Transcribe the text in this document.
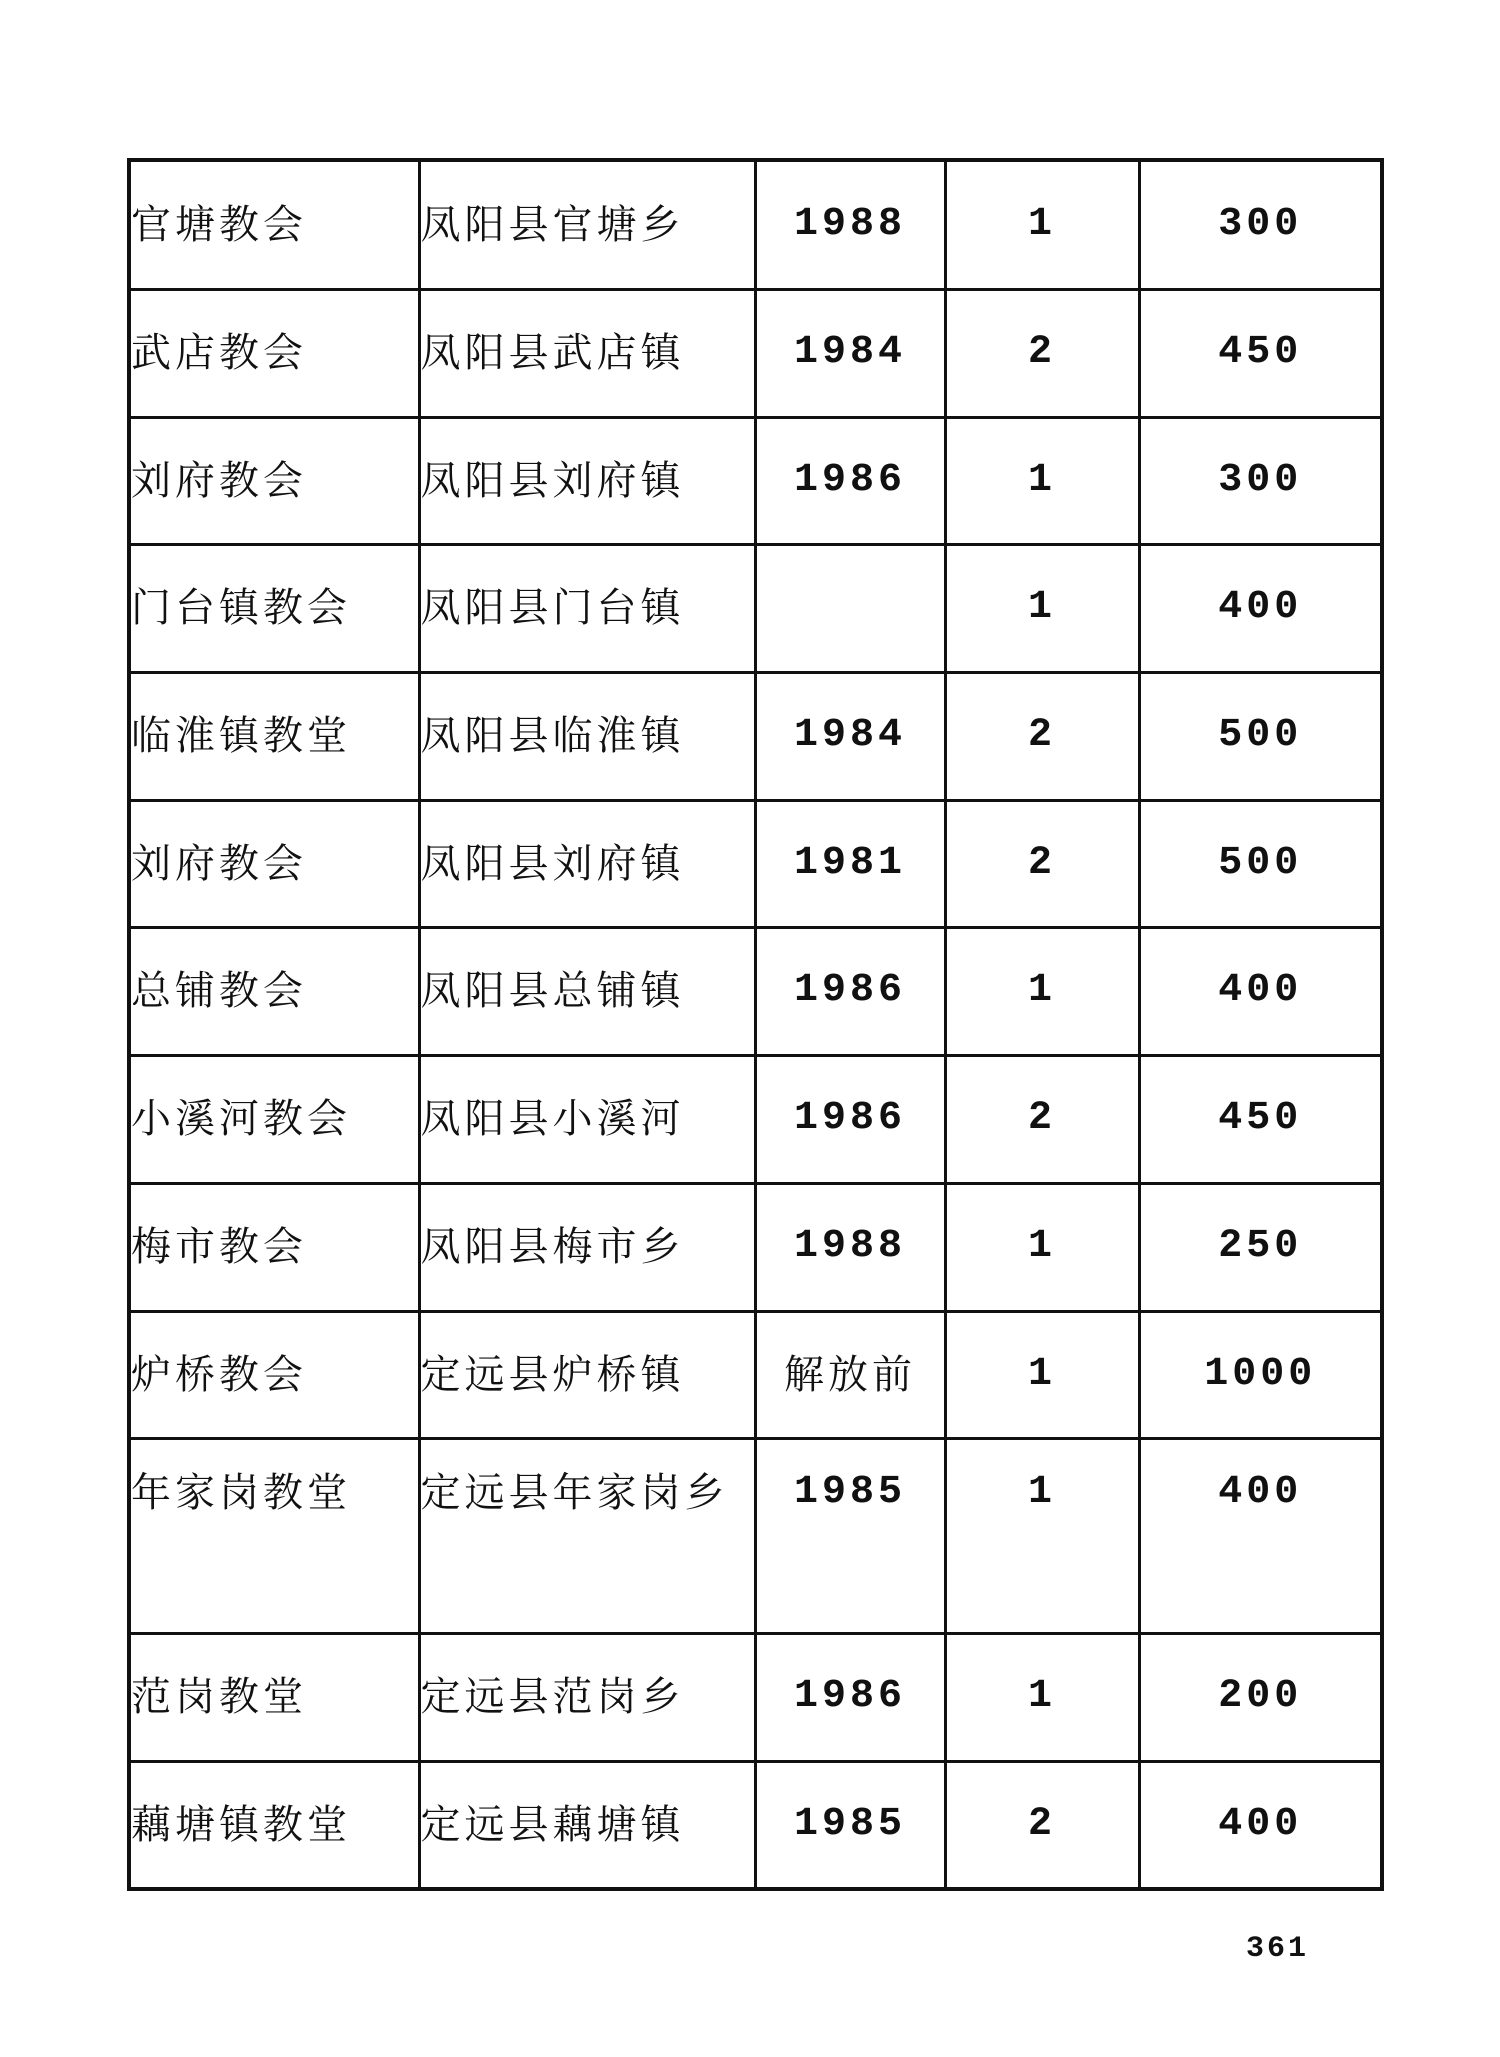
官塘教会	凤阳县官塘乡	1988	1	300
武店教会	凤阳县武店镇	1984	2	450
刘府教会	凤阳县刘府镇	1986	1	300
门台镇教会	凤阳县门台镇		1	400
临淮镇教堂	凤阳县临淮镇	1984	2	500
刘府教会	凤阳县刘府镇	1981	2	500
总铺教会	凤阳县总铺镇	1986	1	400
小溪河教会	凤阳县小溪河	1986	2	450
梅市教会	凤阳县梅市乡	1988	1	250
炉桥教会	定远县炉桥镇	解放前	1	1000
年家岗教堂	定远县年家岗乡	1985	1	400
范岗教堂	定远县范岗乡	1986	1	200
藕塘镇教堂	定远县藕塘镇	1985	2	400
361
